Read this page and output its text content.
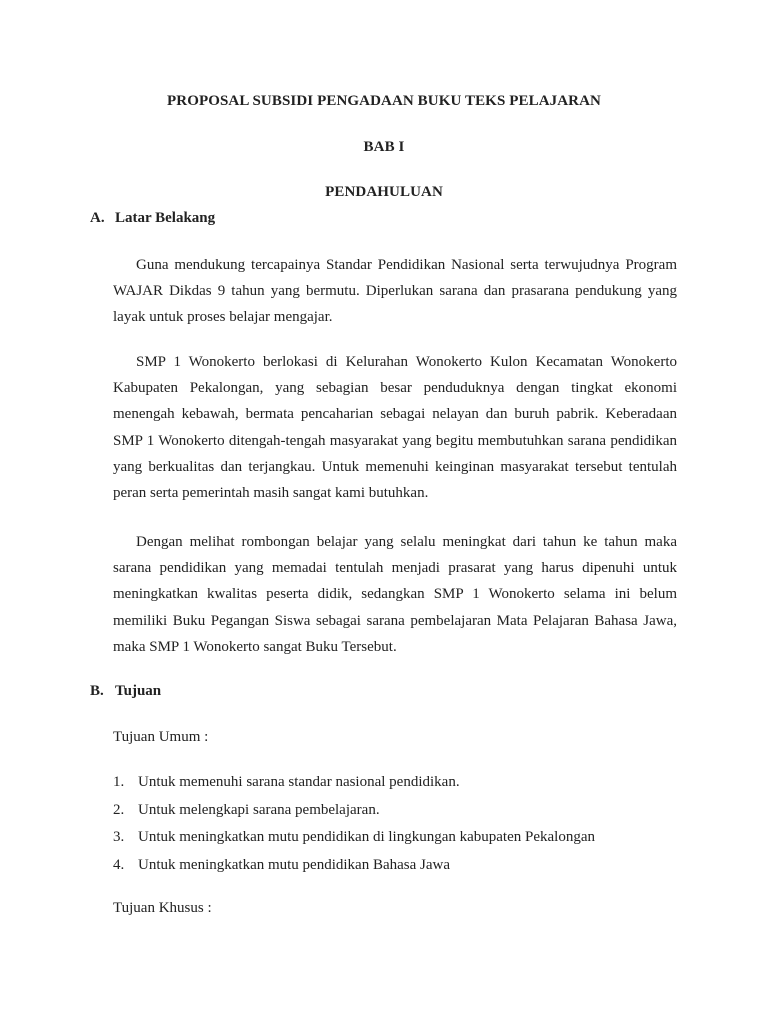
PROPOSAL SUBSIDI PENGADAAN BUKU TEKS PELAJARAN
BAB I
PENDAHULUAN
A. Latar Belakang

Guna mendukung tercapainya Standar Pendidikan Nasional serta terwujudnya Program WAJAR Dikdas 9 tahun yang bermutu. Diperlukan sarana dan prasarana pendukung yang layak untuk proses belajar mengajar.

SMP 1 Wonokerto berlokasi di Kelurahan Wonokerto Kulon Kecamatan Wonokerto Kabupaten Pekalongan, yang sebagian besar penduduknya dengan tingkat ekonomi menengah kebawah, bermata pencaharian sebagai nelayan dan buruh pabrik. Keberadaan SMP 1 Wonokerto ditengah-tengah masyarakat yang begitu membutuhkan sarana pendidikan yang berkualitas dan terjangkau. Untuk memenuhi keinginan masyarakat tersebut tentulah peran serta pemerintah masih sangat kami butuhkan.

Dengan melihat rombongan belajar yang selalu meningkat dari tahun ke tahun maka sarana pendidikan yang memadai tentulah menjadi prasarat yang harus dipenuhi untuk meningkatkan kwalitas peserta didik, sedangkan SMP 1 Wonokerto selama ini belum memiliki Buku Pegangan Siswa sebagai sarana pembelajaran Mata Pelajaran Bahasa Jawa, maka SMP 1 Wonokerto sangat Buku Tersebut.

B. Tujuan
Tujuan Umum :
1. Untuk memenuhi sarana standar nasional pendidikan.
2. Untuk melengkapi sarana pembelajaran.
3. Untuk meningkatkan mutu pendidikan di lingkungan kabupaten Pekalongan
4. Untuk meningkatkan mutu pendidikan Bahasa Jawa
Tujuan Khusus :
